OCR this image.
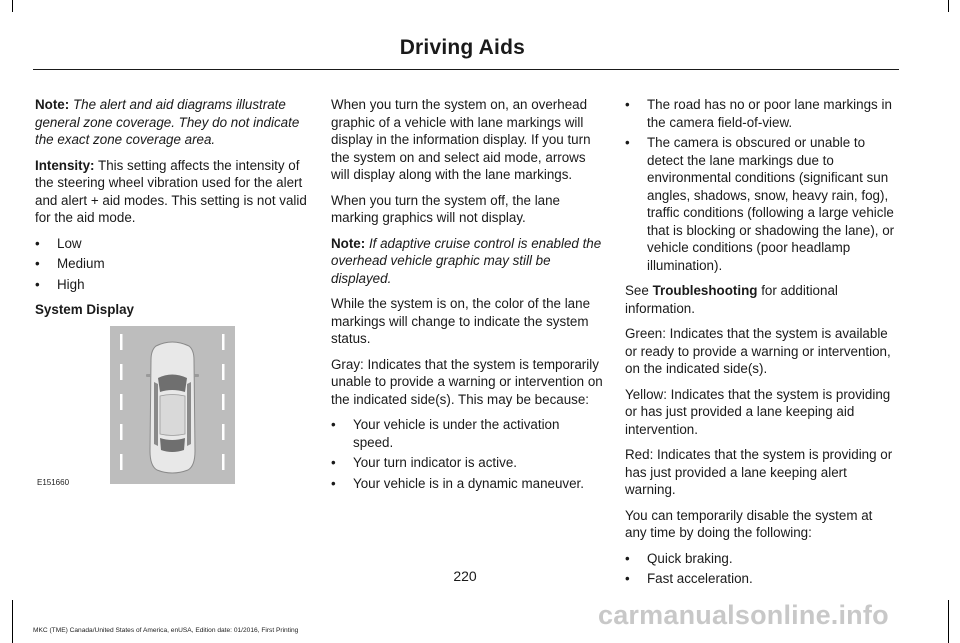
Driving Aids

Note: The alert and aid diagrams illustrate general zone coverage. They do not indicate the exact zone coverage area.

Intensity: This setting affects the intensity of the steering wheel vibration used for the alert and alert + aid modes. This setting is not valid for the aid mode.

• Low
• Medium
• High

System Display

E151660

When you turn the system on, an overhead graphic of a vehicle with lane markings will display in the information display. If you turn the system on and select aid mode, arrows will display along with the lane markings.

When you turn the system off, the lane marking graphics will not display.

Note: If adaptive cruise control is enabled the overhead vehicle graphic may still be displayed.

While the system is on, the color of the lane markings will change to indicate the system status.

Gray: Indicates that the system is temporarily unable to provide a warning or intervention on the indicated side(s). This may be because:

• Your vehicle is under the activation speed.
• Your turn indicator is active.
• Your vehicle is in a dynamic maneuver.
• The road has no or poor lane markings in the camera field-of-view.
• The camera is obscured or unable to detect the lane markings due to environmental conditions (significant sun angles, shadows, snow, heavy rain, fog), traffic conditions (following a large vehicle that is blocking or shadowing the lane), or vehicle conditions (poor headlamp illumination).

See Troubleshooting for additional information.

Green: Indicates that the system is available or ready to provide a warning or intervention, on the indicated side(s).

Yellow: Indicates that the system is providing or has just provided a lane keeping aid intervention.

Red: Indicates that the system is providing or has just provided a lane keeping alert warning.

You can temporarily disable the system at any time by doing the following:

• Quick braking.
• Fast acceleration.
220
MKC (TME) Canada/United States of America, enUSA, Edition date: 01/2016, First Printing
carmanualsonline.info
